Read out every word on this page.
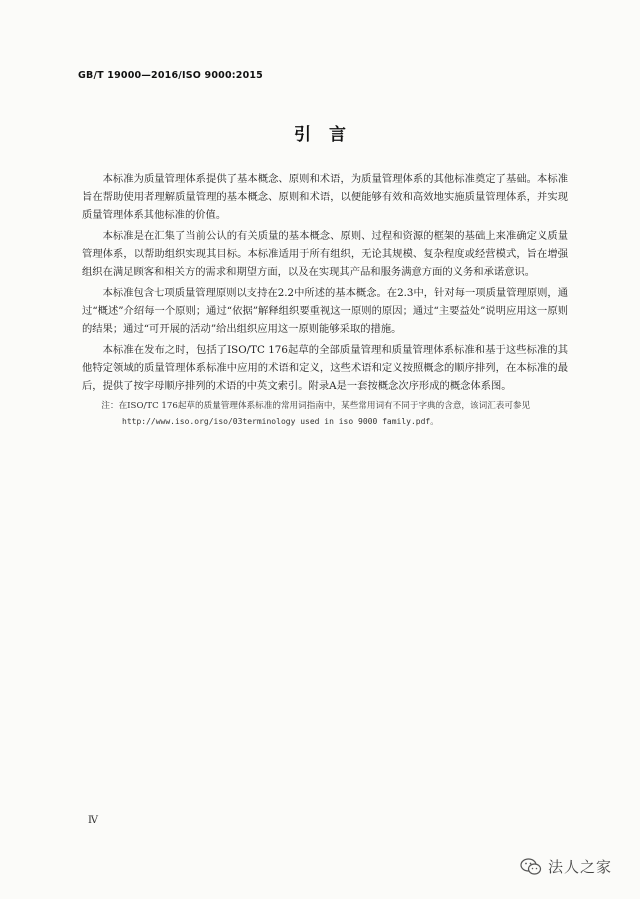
GB/T 19000—2016/ISO 9000:2015
引言

本标准为质量管理体系提供了基本概念、原则和术语，为质量管理体系的其他标准奠定了基础。本标准旨在帮助使用者理解质量管理的基本概念、原则和术语，以便能够有效和高效地实施质量管理体系，并实现质量管理体系其他标准的价值。

本标准是在汇集了当前公认的有关质量的基本概念、原则、过程和资源的框架的基础上来准确定义质量管理体系，以帮助组织实现其目标。本标准适用于所有组织，无论其规模、复杂程度或经营模式，旨在增强组织在满足顾客和相关方的需求和期望方面，以及在实现其产品和服务满意方面的义务和承诺意识。

本标准包含七项质量管理原则以支持在2.2中所述的基本概念。在2.3中，针对每一项质量管理原则，通过“概述”介绍每一个原则；通过“依据”解释组织要重视这一原则的原因；通过“主要益处”说明应用这一原则的结果；通过“可开展的活动”给出组织应用这一原则能够采取的措施。

本标准在发布之时，包括了ISO/TC 176起草的全部质量管理和质量管理体系标准和基于这些标准的其他特定领域的质量管理体系标准中应用的术语和定义，这些术语和定义按照概念的顺序排列，在本标准的最后，提供了按字母顺序排列的术语的中英文索引。附录A是一套按概念次序形成的概念体系图。

注：在ISO/TC 176起草的质量管理体系标准的常用词指南中，某些常用词有不同于字典的含意，该词汇表可参见
http://www.iso.org/iso/03terminology used in iso 9000 family.pdf。

Ⅳ
法人之家
